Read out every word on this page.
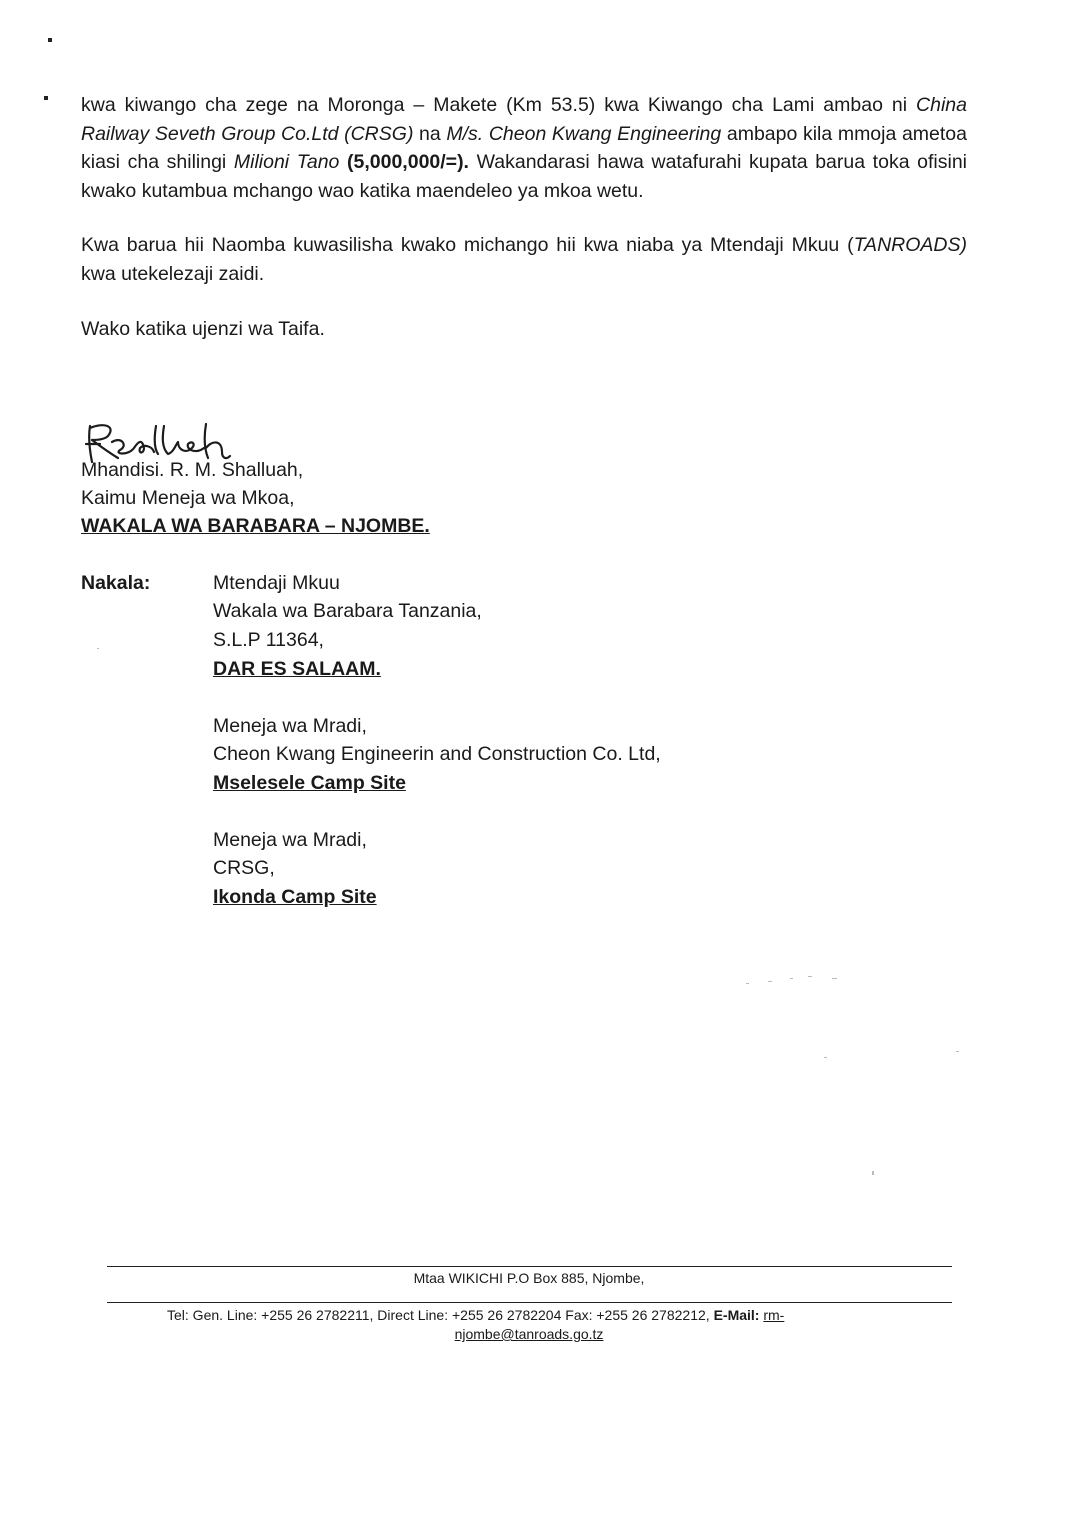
kwa kiwango cha zege na Moronga – Makete (Km 53.5) kwa Kiwango cha Lami ambao ni China Railway Seveth Group Co.Ltd (CRSG) na M/s. Cheon Kwang Engineering ambapo kila mmoja ametoa kiasi cha shilingi Milioni Tano (5,000,000/=). Wakandarasi hawa watafurahi kupata barua toka ofisini kwako kutambua mchango wao katika maendeleo ya mkoa wetu.

Kwa barua hii Naomba kuwasilisha kwako michango hii kwa niaba ya Mtendaji Mkuu (TANROADS) kwa utekelezaji zaidi.

Wako katika ujenzi wa Taifa.
Mhandisi. R. M. Shalluah,
Kaimu Meneja wa Mkoa,
WAKALA WA BARABARA – NJOMBE.
Nakala:	Mtendaji Mkuu
Wakala wa Barabara Tanzania,
S.L.P 11364,
DAR ES SALAAM.
Meneja wa Mradi,
Cheon Kwang Engineerin and Construction Co. Ltd,
Mselesele Camp Site
Meneja wa Mradi,
CRSG,
Ikonda Camp Site
Mtaa WIKICHI P.O Box 885, Njombe,
Tel: Gen. Line: +255 26 2782211, Direct Line: +255 26 2782204 Fax: +255 26 2782212, E-Mail: rm-
njombe@tanroads.go.tz
